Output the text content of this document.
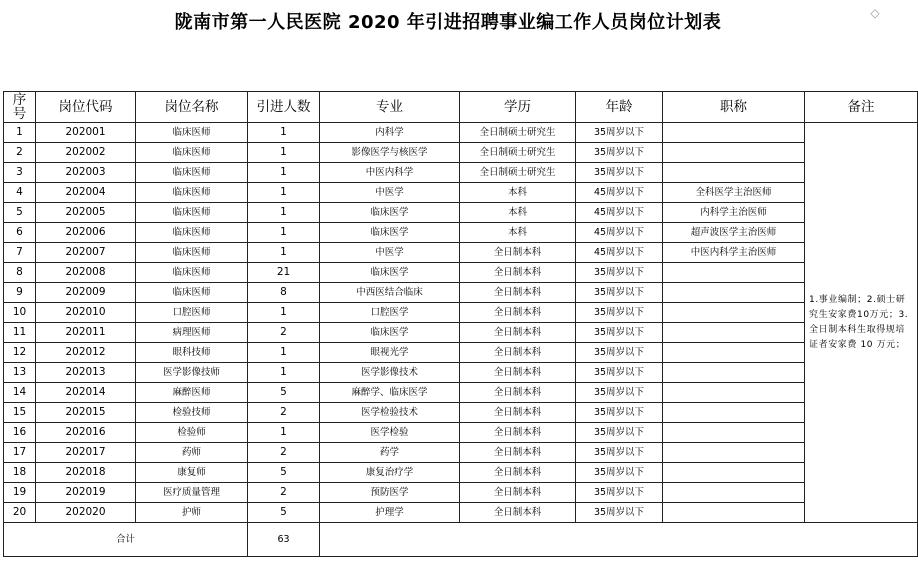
陇南市第一人民医院 2020 年引进招聘事业编工作人员岗位计划表	◇
序号	岗位代码	岗位名称	引进人数	专业	学历	年龄	职称	备注
1	202001	临床医师	1	内科学	全日制硕士研究生	35周岁以下		1.事业编制；2.硕士研究生安家费10万元；3.全日制本科生取得规培证者安家费 10 万元；
2	202002	临床医师	1	影像医学与核医学	全日制硕士研究生	35周岁以下		
3	202003	临床医师	1	中医内科学	全日制硕士研究生	35周岁以下		
4	202004	临床医师	1	中医学	本科	45周岁以下	全科医学主治医师	
5	202005	临床医师	1	临床医学	本科	45周岁以下	内科学主治医师	
6	202006	临床医师	1	临床医学	本科	45周岁以下	超声波医学主治医师	
7	202007	临床医师	1	中医学	全日制本科	45周岁以下	中医内科学主治医师	
8	202008	临床医师	21	临床医学	全日制本科	35周岁以下		
9	202009	临床医师	8	中西医结合临床	全日制本科	35周岁以下		
10	202010	口腔医师	1	口腔医学	全日制本科	35周岁以下		
11	202011	病理医师	2	临床医学	全日制本科	35周岁以下		
12	202012	眼科技师	1	眼视光学	全日制本科	35周岁以下		
13	202013	医学影像技师	1	医学影像技术	全日制本科	35周岁以下		
14	202014	麻醉医师	5	麻醉学、临床医学	全日制本科	35周岁以下		
15	202015	检验技师	2	医学检验技术	全日制本科	35周岁以下		
16	202016	检验师	1	医学检验	全日制本科	35周岁以下		
17	202017	药师	2	药学	全日制本科	35周岁以下		
18	202018	康复师	5	康复治疗学	全日制本科	35周岁以下		
19	202019	医疗质量管理	2	预防医学	全日制本科	35周岁以下		
20	202020	护师	5	护理学	全日制本科	35周岁以下		
合计			63					
